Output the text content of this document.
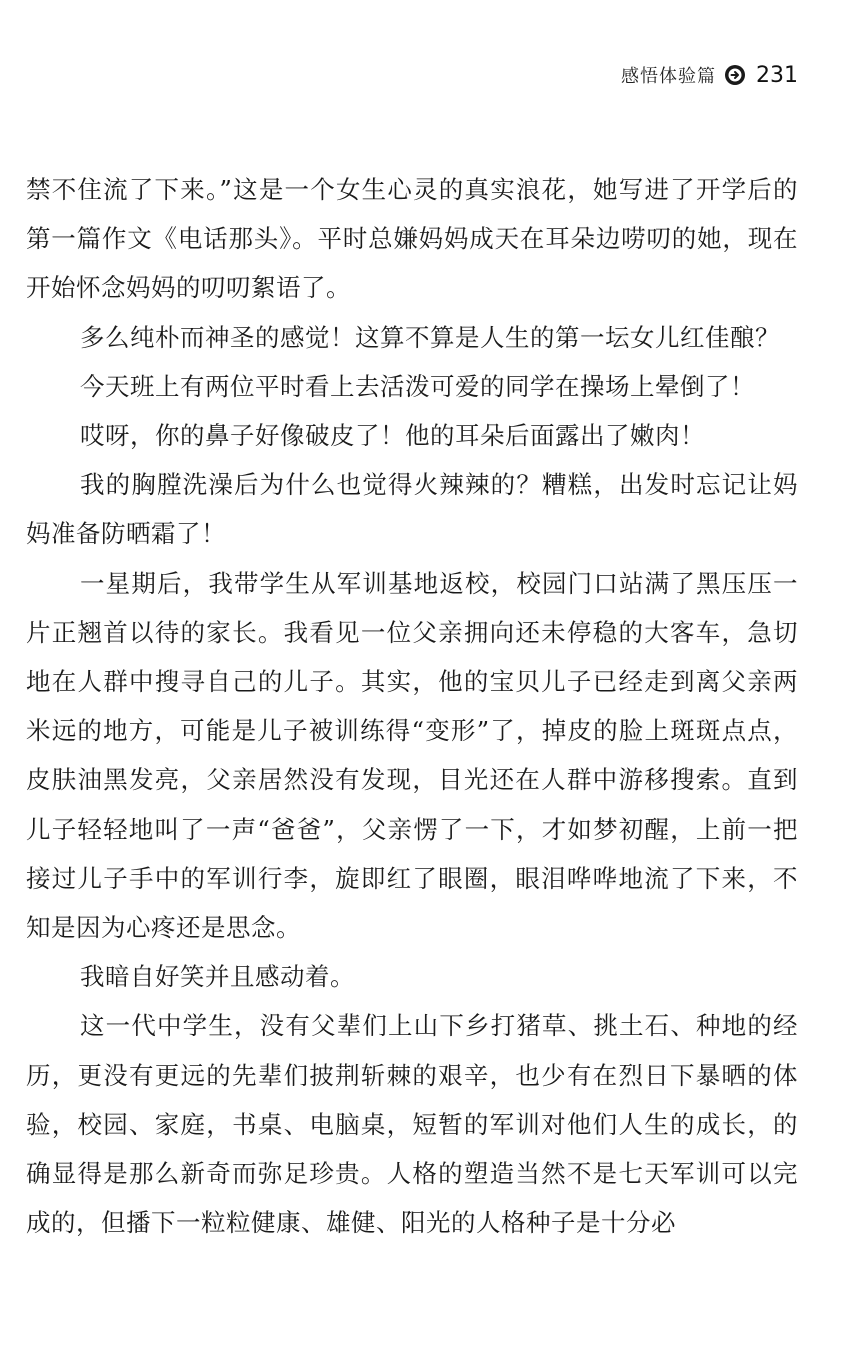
感悟体验篇 231

禁不住流了下来。”这是一个女生心灵的真实浪花，她写进了开学后的第一篇作文《电话那头》。平时总嫌妈妈成天在耳朵边唠叨的她，现在开始怀念妈妈的叨叨絮语了。

多么纯朴而神圣的感觉！这算不算是人生的第一坛女儿红佳酿？

今天班上有两位平时看上去活泼可爱的同学在操场上晕倒了！

哎呀，你的鼻子好像破皮了！他的耳朵后面露出了嫩肉！

我的胸膛洗澡后为什么也觉得火辣辣的？糟糕，出发时忘记让妈妈准备防晒霜了！

一星期后，我带学生从军训基地返校，校园门口站满了黑压压一片正翘首以待的家长。我看见一位父亲拥向还未停稳的大客车，急切地在人群中搜寻自己的儿子。其实，他的宝贝儿子已经走到离父亲两米远的地方，可能是儿子被训练得“变形”了，掉皮的脸上斑斑点点，皮肤油黑发亮，父亲居然没有发现，目光还在人群中游移搜索。直到儿子轻轻地叫了一声“爸爸”，父亲愣了一下，才如梦初醒，上前一把接过儿子手中的军训行李，旋即红了眼圈，眼泪哗哗地流了下来，不知是因为心疼还是思念。

我暗自好笑并且感动着。

这一代中学生，没有父辈们上山下乡打猪草、挑土石、种地的经历，更没有更远的先辈们披荆斩棘的艰辛，也少有在烈日下暴晒的体验，校园、家庭，书桌、电脑桌，短暂的军训对他们人生的成长，的确显得是那么新奇而弥足珍贵。人格的塑造当然不是七天军训可以完成的，但播下一粒粒健康、雄健、阳光的人格种子是十分必
